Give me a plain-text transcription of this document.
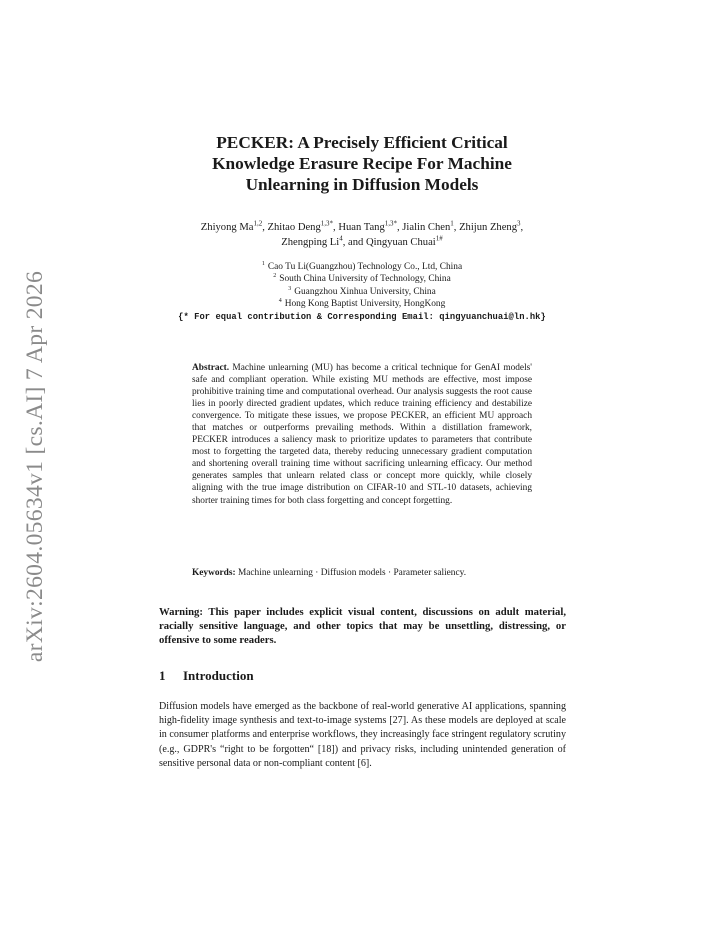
arXiv:2604.05634v1 [cs.AI] 7 Apr 2026
PECKER: A Precisely Efficient Critical
Knowledge Erasure Recipe For Machine
Unlearning in Diffusion Models
Zhiyong Ma$^{1,2}$, Zhitao Deng$^{1,3*}$, Huan Tang$^{1,3*}$, Jialin Chen$^1$, Zhijun Zheng$^3$,
Zhengping Li$^4$, and Qingyuan Chuai$^{1\#}$
$^1$ Cao Tu Li(Guangzhou) Technology Co., Ltd, China
$^2$ South China University of Technology, China
$^3$ Guangzhou Xinhua University, China
$^4$ Hong Kong Baptist University, HongKong
{* For equal contribution & Corresponding Email: qingyuanchuai@ln.hk}
Abstract. Machine unlearning (MU) has become a critical technique for GenAI models' safe and compliant operation. While existing MU methods are effective, most impose prohibitive training time and computational overhead. Our analysis suggests the root cause lies in poorly directed gradient updates, which reduce training efficiency and destabilize convergence. To mitigate these issues, we propose PECKER, an efficient MU approach that matches or outperforms prevailing methods. Within a distillation framework, PECKER introduces a saliency mask to prioritize updates to parameters that contribute most to forgetting the targeted data, thereby reducing unnecessary gradient computation and shortening overall training time without sacrificing unlearning efficacy. Our method generates samples that unlearn related class or concept more quickly, while closely aligning with the true image distribution on CIFAR-10 and STL-10 datasets, achieving shorter training times for both class forgetting and concept forgetting.
Keywords: Machine unlearning · Diffusion models · Parameter saliency.
Warning: This paper includes explicit visual content, discussions on adult material, racially sensitive language, and other topics that may be unsettling, distressing, or offensive to some readers.
1 Introduction
Diffusion models have emerged as the backbone of real-world generative AI applications, spanning high-fidelity image synthesis and text-to-image systems [27]. As these models are deployed at scale in consumer platforms and enterprise workflows, they increasingly face stringent regulatory scrutiny (e.g., GDPR's “right to be forgotten“ [18]) and privacy risks, including unintended generation of sensitive personal data or non-compliant content [6].
